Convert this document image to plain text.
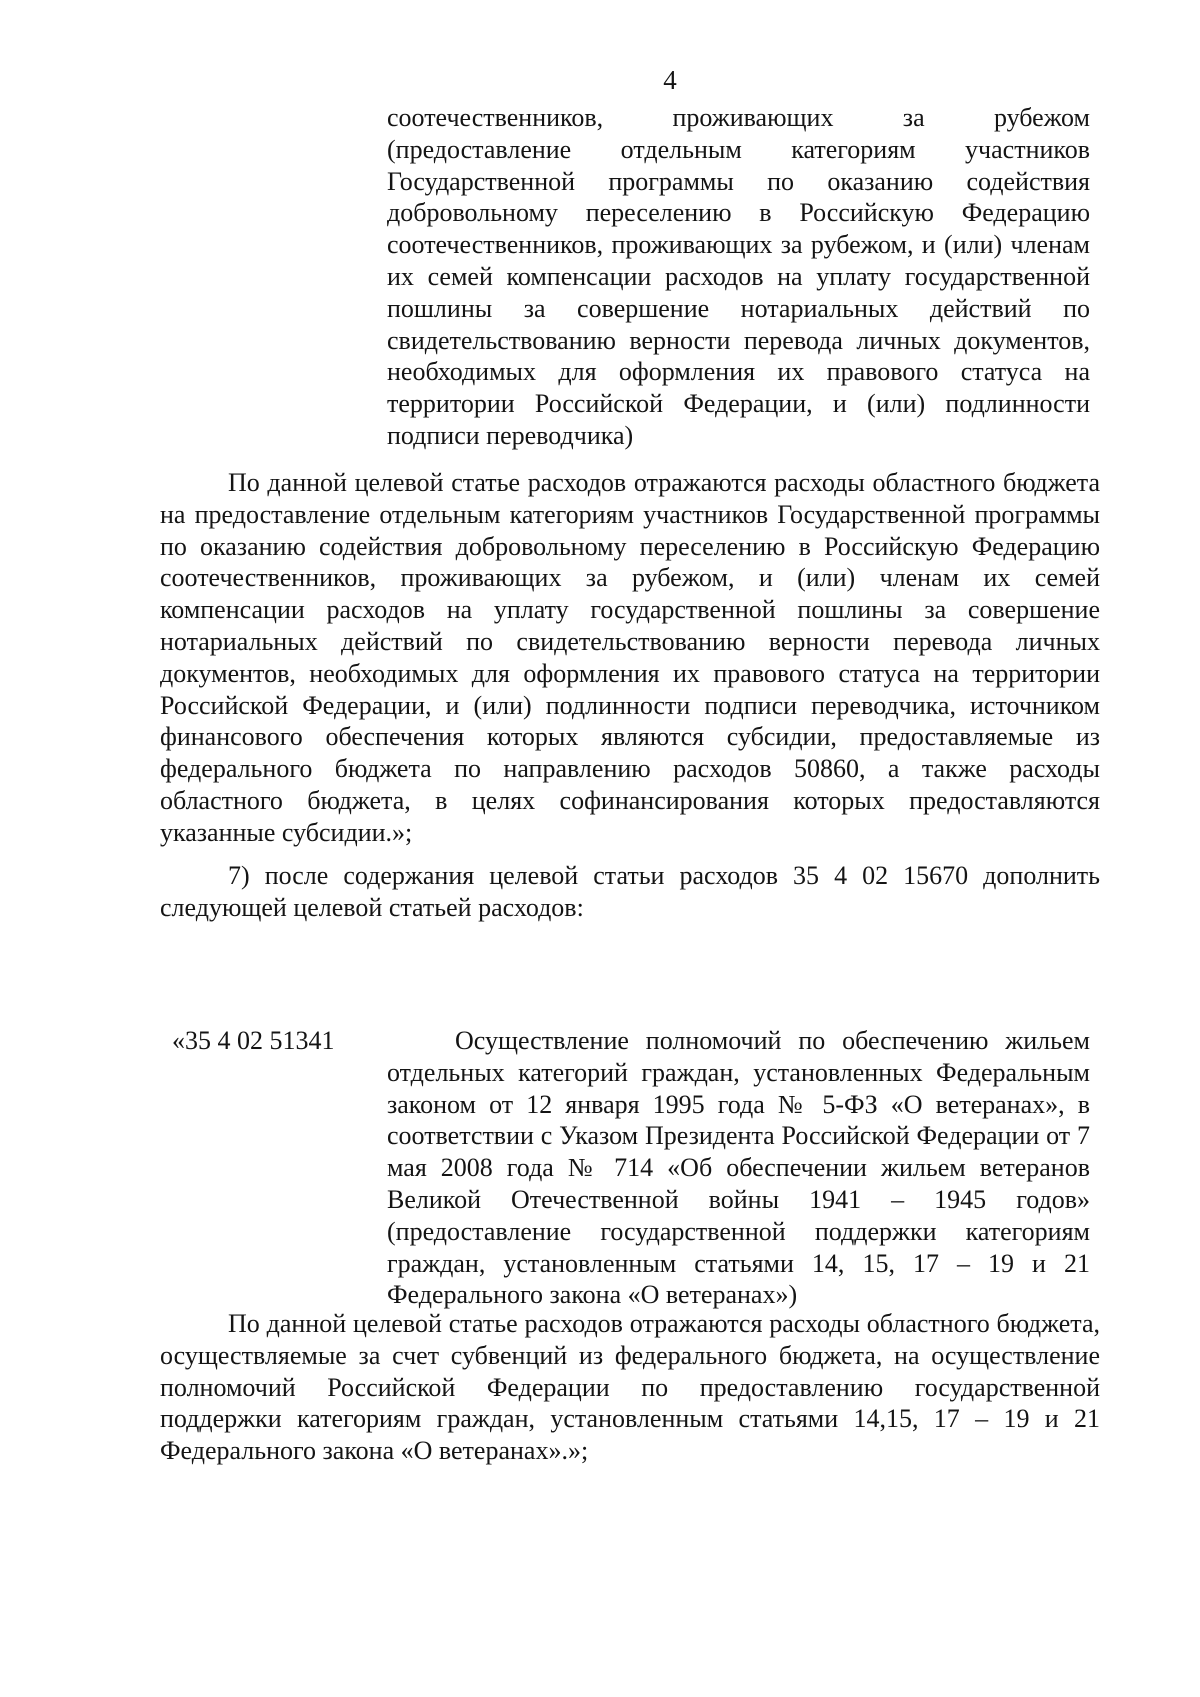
4
соотечественников, проживающих за рубежом (предоставление отдельным категориям участников Государственной программы по оказанию содействия добровольному переселению в Российскую Федерацию соотечественников, проживающих за рубежом, и (или) членам их семей компенсации расходов на уплату государственной пошлины за совершение нотариальных действий по свидетельствованию верности перевода личных документов, необходимых для оформления их правового статуса на территории Российской Федерации, и (или) подлинности подписи переводчика)
По данной целевой статье расходов отражаются расходы областного бюджета на предоставление отдельным категориям участников Государственной программы по оказанию содействия добровольному переселению в Российскую Федерацию соотечественников, проживающих за рубежом, и (или) членам их семей компенсации расходов на уплату государственной пошлины за совершение нотариальных действий по свидетельствованию верности перевода личных документов, необходимых для оформления их правового статуса на территории Российской Федерации, и (или) подлинности подписи переводчика, источником финансового обеспечения которых являются субсидии, предоставляемые из федерального бюджета по направлению расходов 50860, а также расходы областного бюджета, в целях софинансирования которых предоставляются указанные субсидии.»;
7) после содержания целевой статьи расходов 35 4 02 15670 дополнить следующей целевой статьей расходов:
«35 4 02 51341	Осуществление полномочий по обеспечению жильем отдельных категорий граждан, установленных Федеральным законом от 12 января 1995 года № 5-ФЗ «О ветеранах», в соответствии с Указом Президента Российской Федерации от 7 мая 2008 года № 714 «Об обеспечении жильем ветеранов Великой Отечественной войны 1941 – 1945 годов» (предоставление государственной поддержки категориям граждан, установленным статьями 14, 15, 17 – 19 и 21 Федерального закона «О ветеранах»)
По данной целевой статье расходов отражаются расходы областного бюджета, осуществляемые за счет субвенций из федерального бюджета, на осуществление полномочий Российской Федерации по предоставлению государственной поддержки категориям граждан, установленным статьями 14,15, 17 – 19 и 21 Федерального закона «О ветеранах».»;
